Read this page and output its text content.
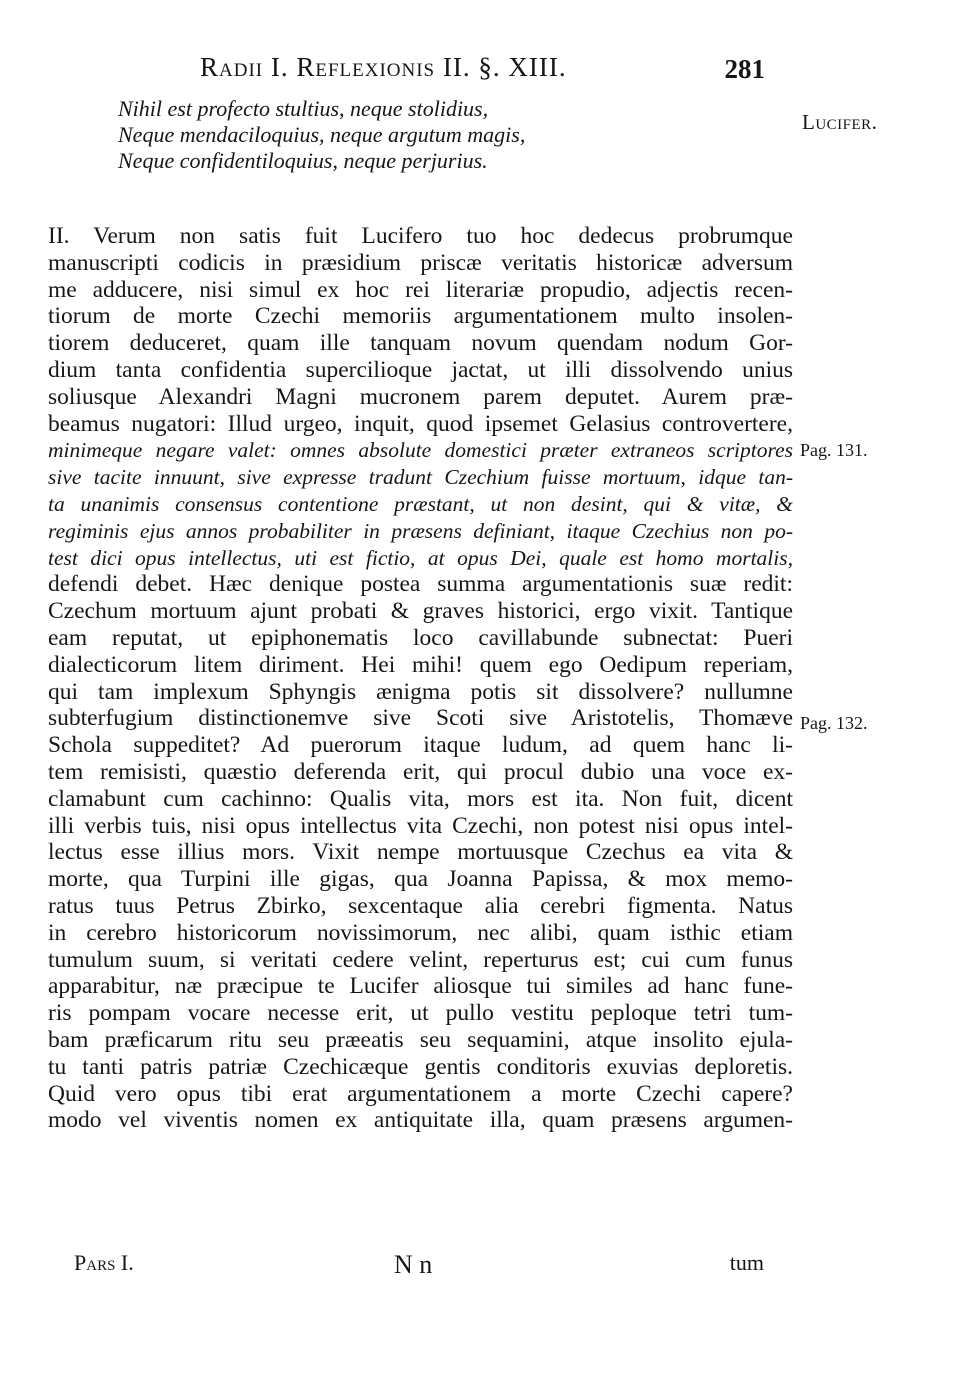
Radii I. Reflexionis II. §. XIII.	281
Nihil est profecto stultius, neque stolidius,
Neque mendaciloquius, neque argutum magis,
Neque confidentiloquius, neque perjurius.
Lucifer.
Pag. 131.
Pag. 132.
II. Verum non satis fuit Lucifero tuo hoc dedecus probrumque
manuscripti codicis in præsidium priscæ veritatis historicæ adversum
me adducere, nisi simul ex hoc rei literariæ propudio, adjectis recen-
tiorum de morte Czechi memoriis argumentationem multo insolen-
tiorem deduceret, quam ille tanquam novum quendam nodum Gor-
dium tanta confidentia superciliοque jactat, ut illi dissolvendo unius
soliusque Alexandri Magni mucronem parem deputet. Aurem præ-
beamus nugatori: Illud urgeo, inquit, quod ipsemet Gelasius controvertere,
minimeque negare valet: omnes absolute domestici præter extraneos scriptores
sive tacite innuunt, sive expresse tradunt Czechium fuisse mortuum, idque tan-
ta unanimis consensus contentione præstant, ut non desint, qui & vitæ, &
regiminis ejus annos probabiliter in præsens definiant, itaque Czechius non po-
test dici opus intellectus, uti est fictio, at opus Dei, quale est homo mortalis,
defendi debet. Hæc denique postea summa argumentationis suæ redit:
Czechum mortuum ajunt probati & graves historici, ergo vixit. Tantique
eam reputat, ut epiphonematis loco cavillabunde subnectat: Pueri
dialecticorum litem diriment. Hei mihi! quem ego Oedipum reperiam,
qui tam implexum Sphyngis ænigma potis sit dissolvere? nullumne
subterfugium distinctionemve sive Scoti sive Aristotelis, Thomæve
Schola suppeditet? Ad puerorum itaque ludum, ad quem hanc li-
tem remisisti, quæstio deferenda erit, qui procul dubio una voce ex-
clamabunt cum cachinno: Qualis vita, mors est ita. Non fuit, dicent
illi verbis tuis, nisi opus intellectus vita Czechi, non potest nisi opus intel-
lectus esse illius mors. Vixit nempe mortuusque Czechus ea vita &
morte, qua Turpini ille gigas, qua Joanna Papissa, & mox memo-
ratus tuus Petrus Zbirko, sexcentaque alia cerebri figmenta. Natus
in cerebro historicorum novissimorum, nec alibi, quam isthic etiam
tumulum suum, si veritati cedere velint, reperturus est; cui cum funus
apparabitur, næ præcipue te Lucifer aliosque tui similes ad hanc fune-
ris pompam vocare necesse erit, ut pullo vestitu peploque tetri tum-
bam præficarum ritu seu præeatis seu sequamini, atque insolito ejula-
tu tanti patris patriæ Czechicæque gentis conditoris exuvias deploretis.
Quid vero opus tibi erat argumentationem a morte Czechi capere?
modo vel viventis nomen ex antiquitate illa, quam præsens argumen-
Pars I.	N n	tum
